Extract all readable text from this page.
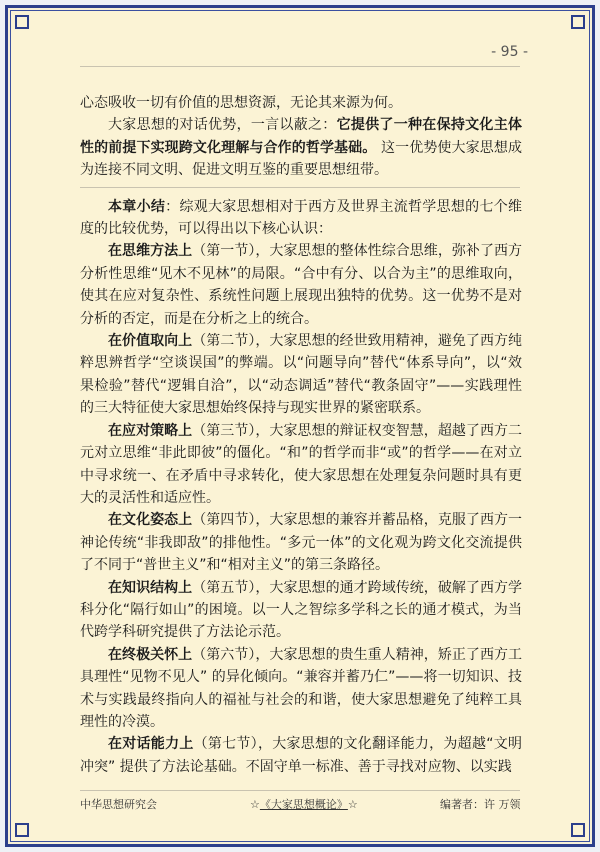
- 95 -

心态吸收一切有价值的思想资源，无论其来源为何。

大家思想的对话优势，一言以蔽之：它提供了一种在保持文化主体性的前提下实现跨文化理解与合作的哲学基础。 这一优势使大家思想成为连接不同文明、促进文明互鉴的重要思想纽带。

本章小结：综观大家思想相对于西方及世界主流哲学思想的七个维度的比较优势，可以得出以下核心认识：

在思维方法上（第一节），大家思想的整体性综合思维，弥补了西方分析性思维“见木不见林”的局限。“合中有分、以合为主”的思维取向，使其在应对复杂性、系统性问题上展现出独特的优势。这一优势不是对分析的否定，而是在分析之上的统合。

在价值取向上（第二节），大家思想的经世致用精神，避免了西方纯粹思辨哲学“空谈误国”的弊端。以“问题导向”替代“体系导向”，以“效果检验”替代“逻辑自洽”，以“动态调适”替代“教条固守”——实践理性的三大特征使大家思想始终保持与现实世界的紧密联系。

在应对策略上（第三节），大家思想的辩证权变智慧，超越了西方二元对立思维“非此即彼”的僵化。“和”的哲学而非“或”的哲学——在对立中寻求统一、在矛盾中寻求转化，使大家思想在处理复杂问题时具有更大的灵活性和适应性。

在文化姿态上（第四节），大家思想的兼容并蓄品格，克服了西方一神论传统“非我即敌”的排他性。“多元一体”的文化观为跨文化交流提供了不同于“普世主义”和“相对主义”的第三条路径。

在知识结构上（第五节），大家思想的通才跨域传统，破解了西方学科分化“隔行如山”的困境。以一人之智综多学科之长的通才模式，为当代跨学科研究提供了方法论示范。

在终极关怀上（第六节），大家思想的贵生重人精神，矫正了西方工具理性“见物不见人” 的异化倾向。“兼容并蓄乃仁”——将一切知识、技术与实践最终指向人的福祉与社会的和谐，使大家思想避免了纯粹工具理性的冷漠。

在对话能力上（第七节），大家思想的文化翻译能力，为超越“文明冲突” 提供了方法论基础。不固守单一标准、善于寻找对应物、以实践

中华思想研究会	☆《大家思想概论》☆	编著者：许 万领
